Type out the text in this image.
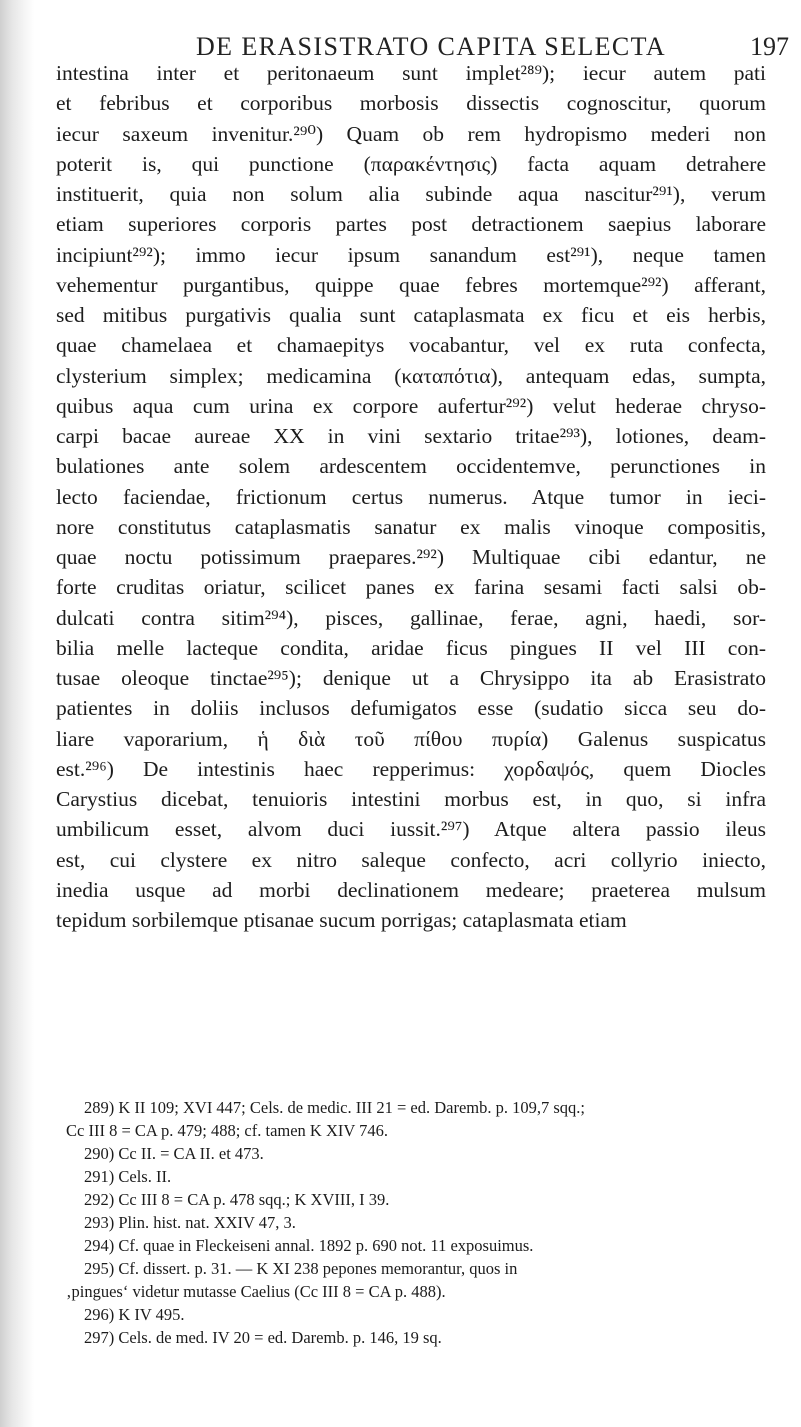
DE ERASISTRATO CAPITA SELECTA	197
intestina inter et peritonaeum sunt implet²⁸⁹); iecur autem pati
et febribus et corporibus morbosis dissectis cognoscitur, quorum
iecur saxeum invenitur.²⁹⁰) Quam ob rem hydropismo mederi non
poterit is, qui punctione (παρακέντησις) facta aquam detrahere
instituerit, quia non solum alia subinde aqua nascitur²⁹¹), verum
etiam superiores corporis partes post detractionem saepius laborare
incipiunt²⁹²); immo iecur ipsum sanandum est²⁹¹), neque tamen
vehementur purgantibus, quippe quae febres mortemque²⁹²) afferant,
sed mitibus purgativis qualia sunt cataplasmata ex ficu et eis herbis,
quae chamelaea et chamaepitys vocabantur, vel ex ruta confecta,
clysterium simplex; medicamina (καταπότια), antequam edas, sumpta,
quibus aqua cum urina ex corpore aufertur²⁹²) velut hederae chryso-
carpi bacae aureae XX in vini sextario tritae²⁹³), lotiones, deam-
bulationes ante solem ardescentem occidentemve, perunctiones in
lecto faciendae, frictionum certus numerus. Atque tumor in ieci-
nore constitutus cataplasmatis sanatur ex malis vinoque compositis,
quae noctu potissimum praepares.²⁹²) Multiquae cibi edantur, ne
forte cruditas oriatur, scilicet panes ex farina sesami facti salsi ob-
dulcati contra sitim²⁹⁴), pisces, gallinae, ferae, agni, haedi, sor-
bilia melle lacteque condita, aridae ficus pingues II vel III con-
tusae oleoque tinctae²⁹⁵); denique ut a Chrysippo ita ab Erasistrato
patientes in doliis inclusos defumigatos esse (sudatio sicca seu do-
liare vaporarium, ἡ διὰ τοῦ πίθου πυρία) Galenus suspicatus
est.²⁹⁶) De intestinis haec repperimus: χορδαψός, quem Diocles
Carystius dicebat, tenuioris intestini morbus est, in quo, si infra
umbilicum esset, alvom duci iussit.²⁹⁷) Atque altera passio ileus
est, cui clystere ex nitro saleque confecto, acri collyrio iniecto,
inedia usque ad morbi declinationem medeare; praeterea mulsum
tepidum sorbilemque ptisanae sucum porrigas; cataplasmata etiam
289) K II 109; XVI 447; Cels. de medic. III 21 = ed. Daremb. p. 109,7 sqq.;
Cc III 8 = CA p. 479; 488; cf. tamen K XIV 746.
290) Cc II. = CA II. et 473.
291) Cels. II.
292) Cc III 8 = CA p. 478 sqq.; K XVIII, I 39.
293) Plin. hist. nat. XXIV 47, 3.
294) Cf. quae in Fleckeiseni annal. 1892 p. 690 not. 11 exposuimus.
295) Cf. dissert. p. 31. — K XI 238 pepones memorantur, quos in
‚pingues‘ videtur mutasse Caelius (Cc III 8 = CA p. 488).
296) K IV 495.
297) Cels. de med. IV 20 = ed. Daremb. p. 146, 19 sq.
